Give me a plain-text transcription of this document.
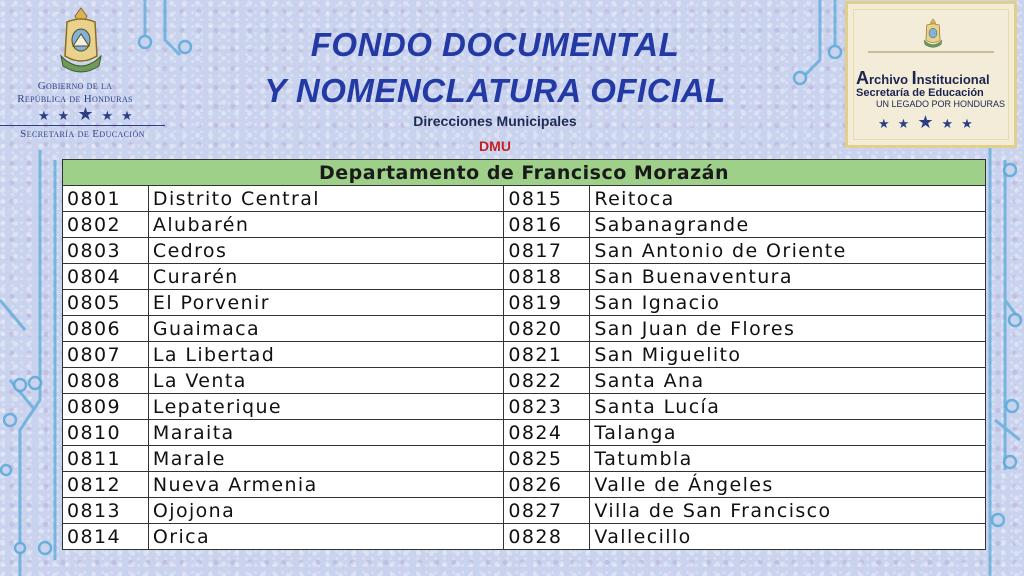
Gobierno de la
República de Honduras
★★★★★
Secretaría de Educación
FONDO DOCUMENTAL
Y NOMENCLATURA OFICIAL
Direcciones Municipales
DMU
Archivo Institucional
Secretaría de Educación
UN LEGADO POR HONDURAS
★★★★★
Departamento de Francisco Morazán			
0801	Distrito Central	0815	Reitoca
0802	Alubarén	0816	Sabanagrande
0803	Cedros	0817	San Antonio de Oriente
0804	Curarén	0818	San Buenaventura
0805	El Porvenir	0819	San Ignacio
0806	Guaimaca	0820	San Juan de Flores
0807	La Libertad	0821	San Miguelito
0808	La Venta	0822	Santa Ana
0809	Lepaterique	0823	Santa Lucía
0810	Maraita	0824	Talanga
0811	Marale	0825	Tatumbla
0812	Nueva Armenia	0826	Valle de Ángeles
0813	Ojojona	0827	Villa de San Francisco
0814	Orica	0828	Vallecillo
